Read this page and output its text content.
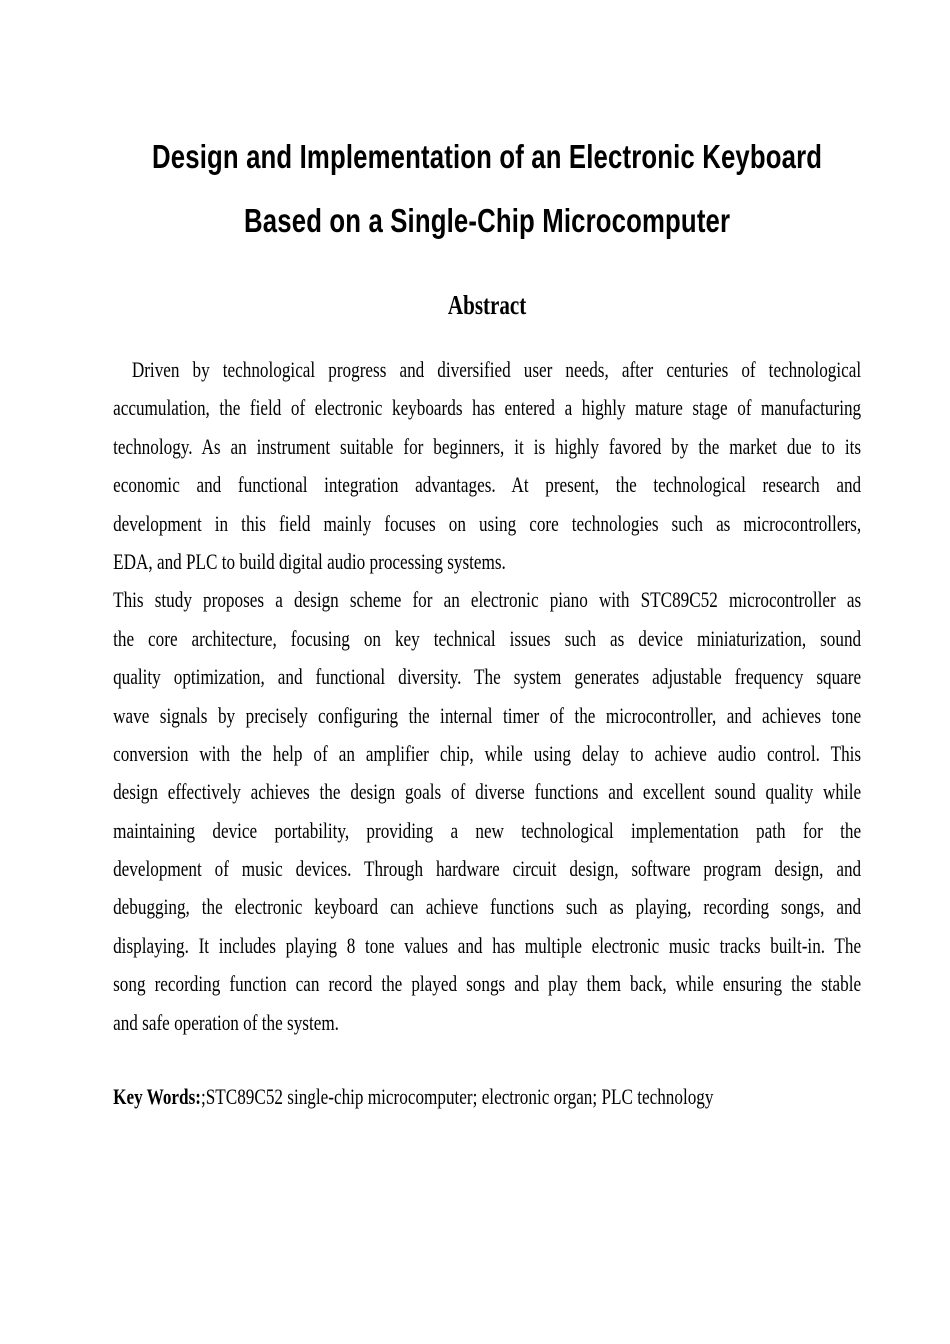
Design and Implementation of an Electronic Keyboard
Based on a Single-Chip Microcomputer
Abstract
Driven by technological progress and diversified user needs, after centuries of technological
accumulation, the field of electronic keyboards has entered a highly mature stage of manufacturing
technology. As an instrument suitable for beginners, it is highly favored by the market due to its
economic and functional integration advantages. At present, the technological research and
development in this field mainly focuses on using core technologies such as microcontrollers,
EDA, and PLC to build digital audio processing systems.
This study proposes a design scheme for an electronic piano with STC89C52 microcontroller as
the core architecture, focusing on key technical issues such as device miniaturization, sound
quality optimization, and functional diversity. The system generates adjustable frequency square
wave signals by precisely configuring the internal timer of the microcontroller, and achieves tone
conversion with the help of an amplifier chip, while using delay to achieve audio control. This
design effectively achieves the design goals of diverse functions and excellent sound quality while
maintaining device portability, providing a new technological implementation path for the
development of music devices. Through hardware circuit design, software program design, and
debugging, the electronic keyboard can achieve functions such as playing, recording songs, and
displaying. It includes playing 8 tone values and has multiple electronic music tracks built-in. The
song recording function can record the played songs and play them back, while ensuring the stable
and safe operation of the system.
Key Words:;STC89C52 single-chip microcomputer; electronic organ; PLC technology
